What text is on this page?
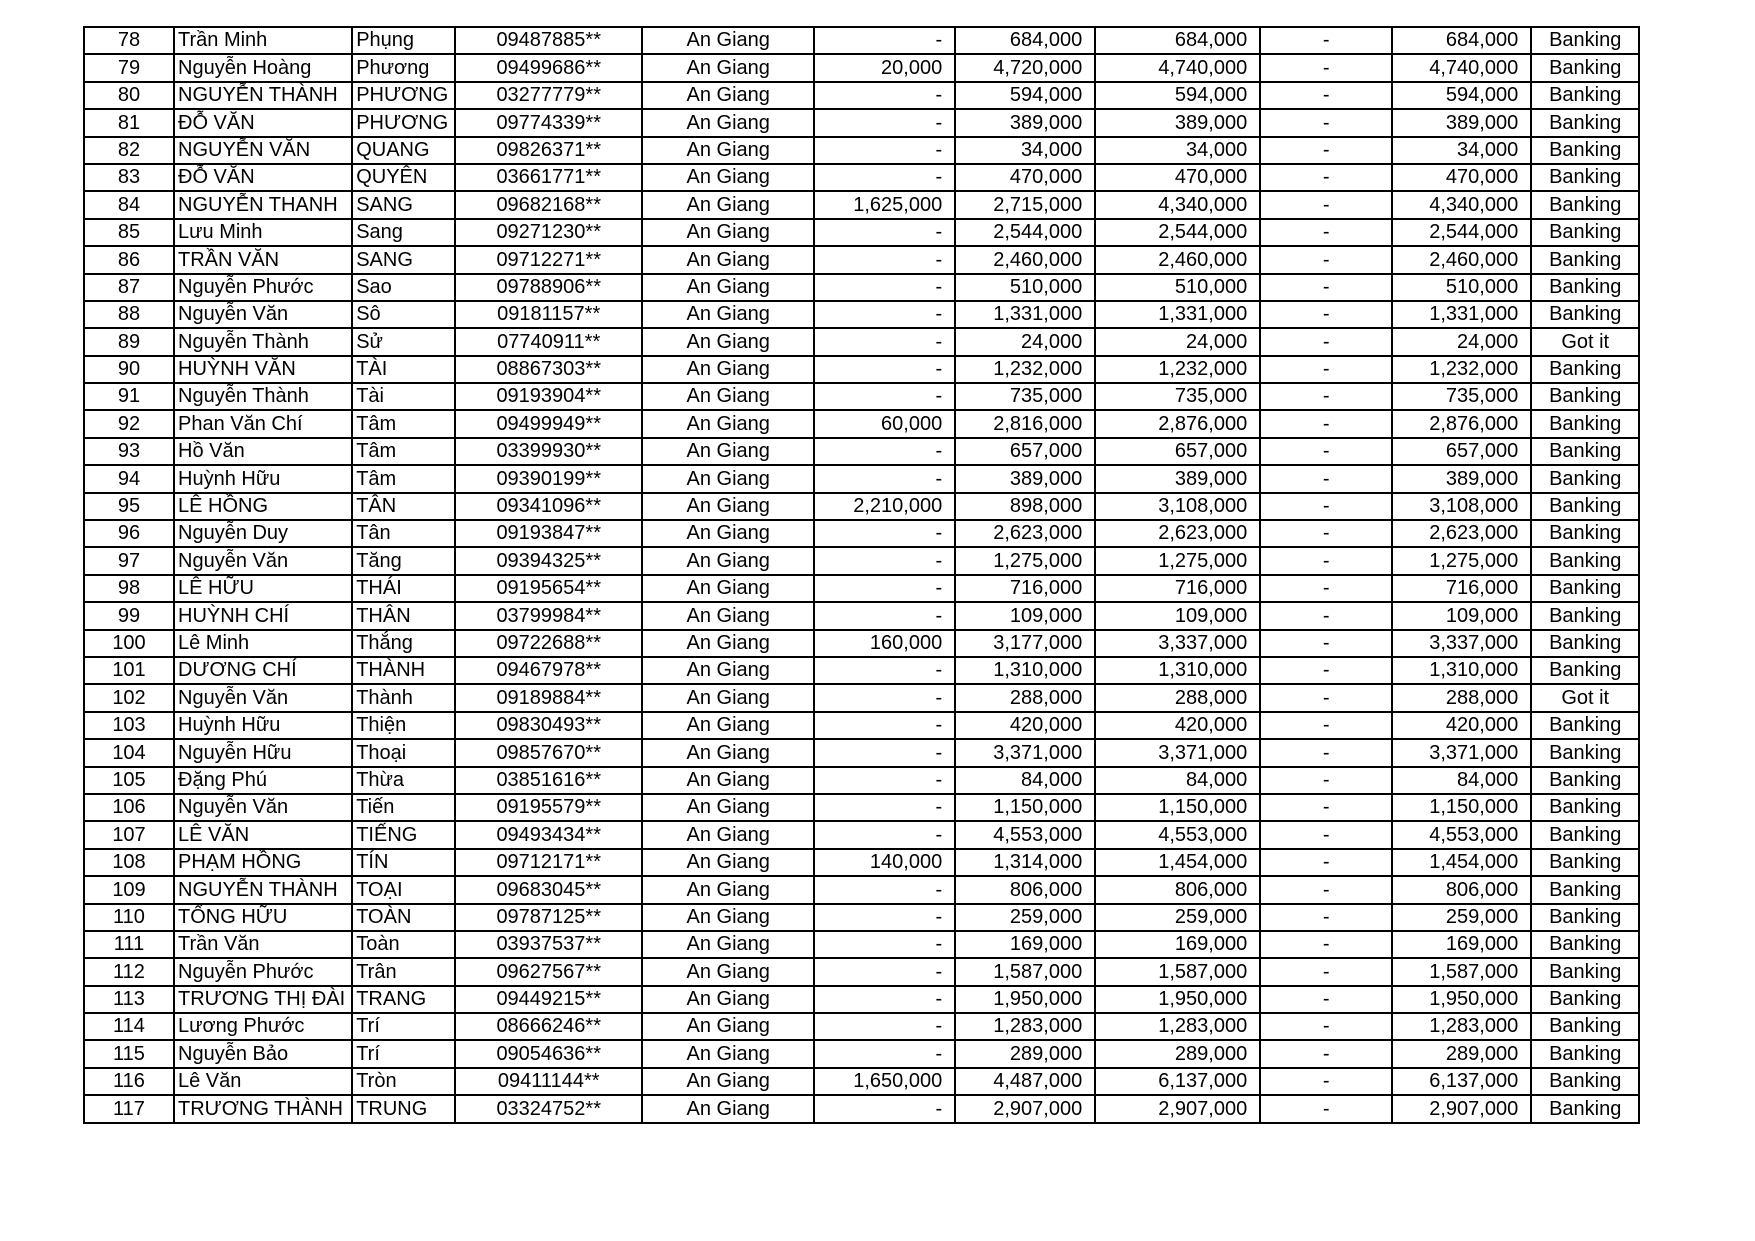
78	Trần Minh	Phụng	09487885**	An Giang	-	684,000	684,000	-	684,000	Banking
79	Nguyễn Hoàng	Phương	09499686**	An Giang	20,000	4,720,000	4,740,000	-	4,740,000	Banking
80	NGUYỄN THÀNH	PHƯƠNG	03277779**	An Giang	-	594,000	594,000	-	594,000	Banking
81	ĐỖ VĂN	PHƯƠNG	09774339**	An Giang	-	389,000	389,000	-	389,000	Banking
82	NGUYỄN VĂN	QUANG	09826371**	An Giang	-	34,000	34,000	-	34,000	Banking
83	ĐỖ VĂN	QUYÊN	03661771**	An Giang	-	470,000	470,000	-	470,000	Banking
84	NGUYỄN THANH	SANG	09682168**	An Giang	1,625,000	2,715,000	4,340,000	-	4,340,000	Banking
85	Lưu Minh	Sang	09271230**	An Giang	-	2,544,000	2,544,000	-	2,544,000	Banking
86	TRẦN VĂN	SANG	09712271**	An Giang	-	2,460,000	2,460,000	-	2,460,000	Banking
87	Nguyễn Phước	Sao	09788906**	An Giang	-	510,000	510,000	-	510,000	Banking
88	Nguyễn Văn	Sô	09181157**	An Giang	-	1,331,000	1,331,000	-	1,331,000	Banking
89	Nguyễn Thành	Sử	07740911**	An Giang	-	24,000	24,000	-	24,000	Got it
90	HUỲNH VĂN	TÀI	08867303**	An Giang	-	1,232,000	1,232,000	-	1,232,000	Banking
91	Nguyễn Thành	Tài	09193904**	An Giang	-	735,000	735,000	-	735,000	Banking
92	Phan Văn Chí	Tâm	09499949**	An Giang	60,000	2,816,000	2,876,000	-	2,876,000	Banking
93	Hồ Văn	Tâm	03399930**	An Giang	-	657,000	657,000	-	657,000	Banking
94	Huỳnh Hữu	Tâm	09390199**	An Giang	-	389,000	389,000	-	389,000	Banking
95	LÊ HỒNG	TÂN	09341096**	An Giang	2,210,000	898,000	3,108,000	-	3,108,000	Banking
96	Nguyễn Duy	Tân	09193847**	An Giang	-	2,623,000	2,623,000	-	2,623,000	Banking
97	Nguyễn Văn	Tăng	09394325**	An Giang	-	1,275,000	1,275,000	-	1,275,000	Banking
98	LÊ HỮU	THÁI	09195654**	An Giang	-	716,000	716,000	-	716,000	Banking
99	HUỲNH CHÍ	THÂN	03799984**	An Giang	-	109,000	109,000	-	109,000	Banking
100	Lê Minh	Thắng	09722688**	An Giang	160,000	3,177,000	3,337,000	-	3,337,000	Banking
101	DƯƠNG CHÍ	THÀNH	09467978**	An Giang	-	1,310,000	1,310,000	-	1,310,000	Banking
102	Nguyễn Văn	Thành	09189884**	An Giang	-	288,000	288,000	-	288,000	Got it
103	Huỳnh Hữu	Thiện	09830493**	An Giang	-	420,000	420,000	-	420,000	Banking
104	Nguyễn Hữu	Thoại	09857670**	An Giang	-	3,371,000	3,371,000	-	3,371,000	Banking
105	Đặng Phú	Thừa	03851616**	An Giang	-	84,000	84,000	-	84,000	Banking
106	Nguyễn Văn	Tiến	09195579**	An Giang	-	1,150,000	1,150,000	-	1,150,000	Banking
107	LÊ VĂN	TIẾNG	09493434**	An Giang	-	4,553,000	4,553,000	-	4,553,000	Banking
108	PHẠM HỒNG	TÍN	09712171**	An Giang	140,000	1,314,000	1,454,000	-	1,454,000	Banking
109	NGUYỄN THÀNH	TOẠI	09683045**	An Giang	-	806,000	806,000	-	806,000	Banking
110	TỐNG HỮU	TOÀN	09787125**	An Giang	-	259,000	259,000	-	259,000	Banking
111	Trần Văn	Toàn	03937537**	An Giang	-	169,000	169,000	-	169,000	Banking
112	Nguyễn Phước	Trân	09627567**	An Giang	-	1,587,000	1,587,000	-	1,587,000	Banking
113	TRƯƠNG THỊ ĐÀI	TRANG	09449215**	An Giang	-	1,950,000	1,950,000	-	1,950,000	Banking
114	Lương Phước	Trí	08666246**	An Giang	-	1,283,000	1,283,000	-	1,283,000	Banking
115	Nguyễn Bảo	Trí	09054636**	An Giang	-	289,000	289,000	-	289,000	Banking
116	Lê Văn	Tròn	09411144**	An Giang	1,650,000	4,487,000	6,137,000	-	6,137,000	Banking
117	TRƯƠNG THÀNH	TRUNG	03324752**	An Giang	-	2,907,000	2,907,000	-	2,907,000	Banking
